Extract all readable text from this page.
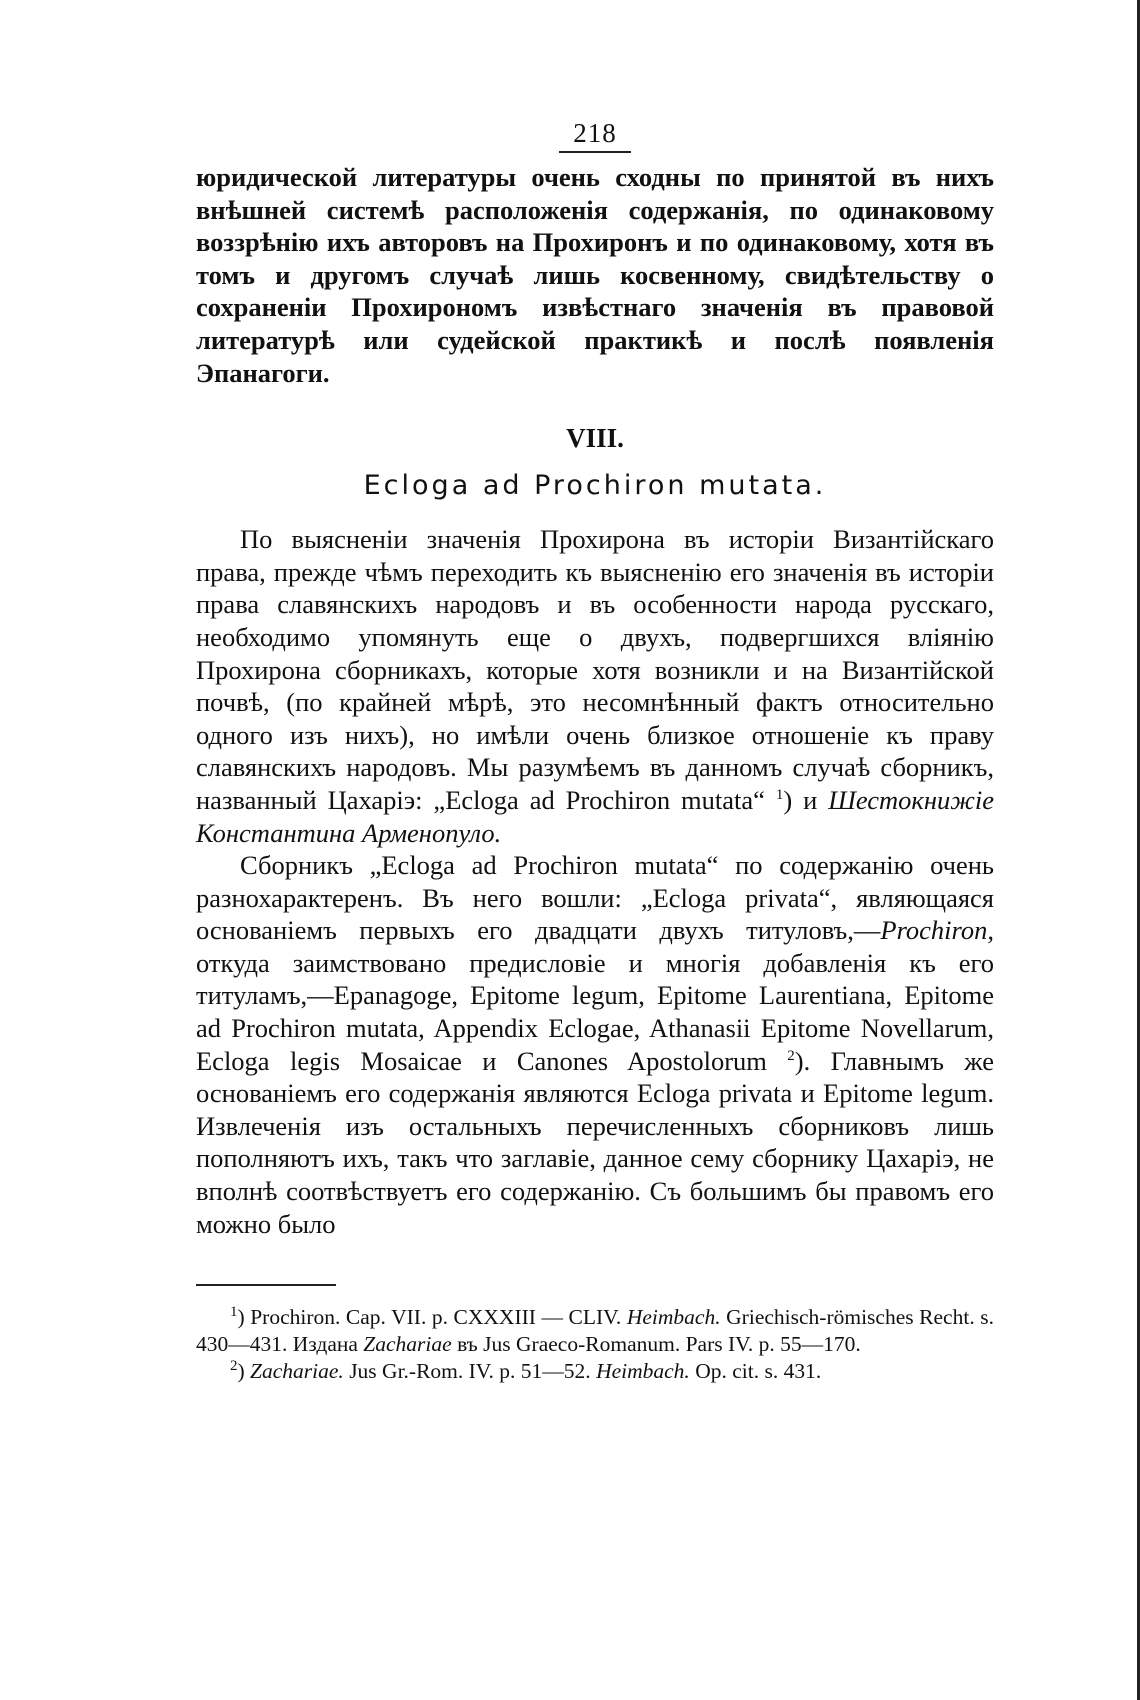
218

юридической литературы очень сходны по принятой въ нихъ внѣшней системѣ расположенія содержанія, по одинаковому воззрѣнію ихъ авторовъ на Прохиронъ и по одинаковому, хотя въ томъ и другомъ случаѣ лишь косвенному, свидѣтельству о сохраненіи Прохирономъ извѣстнаго значенія въ правовой литературѣ или судейской практикѣ и послѣ появленія Эпанагоги.

VIII.
Ecloga ad Prochiron mutata.

По выясненіи значенія Прохирона въ исторіи Византійскаго права, прежде чѣмъ переходить къ выясненію его значенія въ исторіи права славянскихъ народовъ и въ особенности народа русскаго, необходимо упомянуть еще о двухъ, подвергшихся вліянію Прохирона сборникахъ, которые хотя возникли и на Византійской почвѣ, (по крайней мѣрѣ, это несомнѣнный фактъ относительно одного изъ нихъ), но имѣли очень близкое отношеніе къ праву славянскихъ народовъ. Мы разумѣемъ въ данномъ случаѣ сборникъ, названный Цахаріэ: „Ecloga ad Prochiron mutata“ $^1$) и Шестокнижіе Константина Арменопуло.

Сборникъ „Ecloga ad Prochiron mutata“ по содержанію очень разнохарактеренъ. Въ него вошли: „Ecloga privata“, являющаяся основаніемъ первыхъ его двадцати двухъ титуловъ,—Prochiron, откуда заимствовано предисловіе и многія добавленія къ его титуламъ,—Epanagoge, Epitome legum, Epitome Laurentiana, Epitome ad Prochiron mutata, Appendix Eclogae, Athanasii Epitome Novellarum, Ecloga legis Mosaicae и Canones Apostolorum $^2$). Главнымъ же основаніемъ его содержанія являются Ecloga privata и Epitome legum. Извлеченія изъ остальныхъ перечисленныхъ сборниковъ лишь пополняютъ ихъ, такъ что заглавіе, данное сему сборнику Цахаріэ, не вполнѣ соотвѣствуетъ его содержанію. Съ большимъ бы правомъ его можно было

$^1$) Prochiron. Cap. VII. p. CXXXIII — CLIV. Heimbach. Griechisch-römisches Recht. s. 430—431. Издана Zachariae въ Jus Graeco-Romanum. Pars IV. p. 55—170.

$^2$) Zachariae. Jus Gr.-Rom. IV. p. 51—52. Heimbach. Op. cit. s. 431.
